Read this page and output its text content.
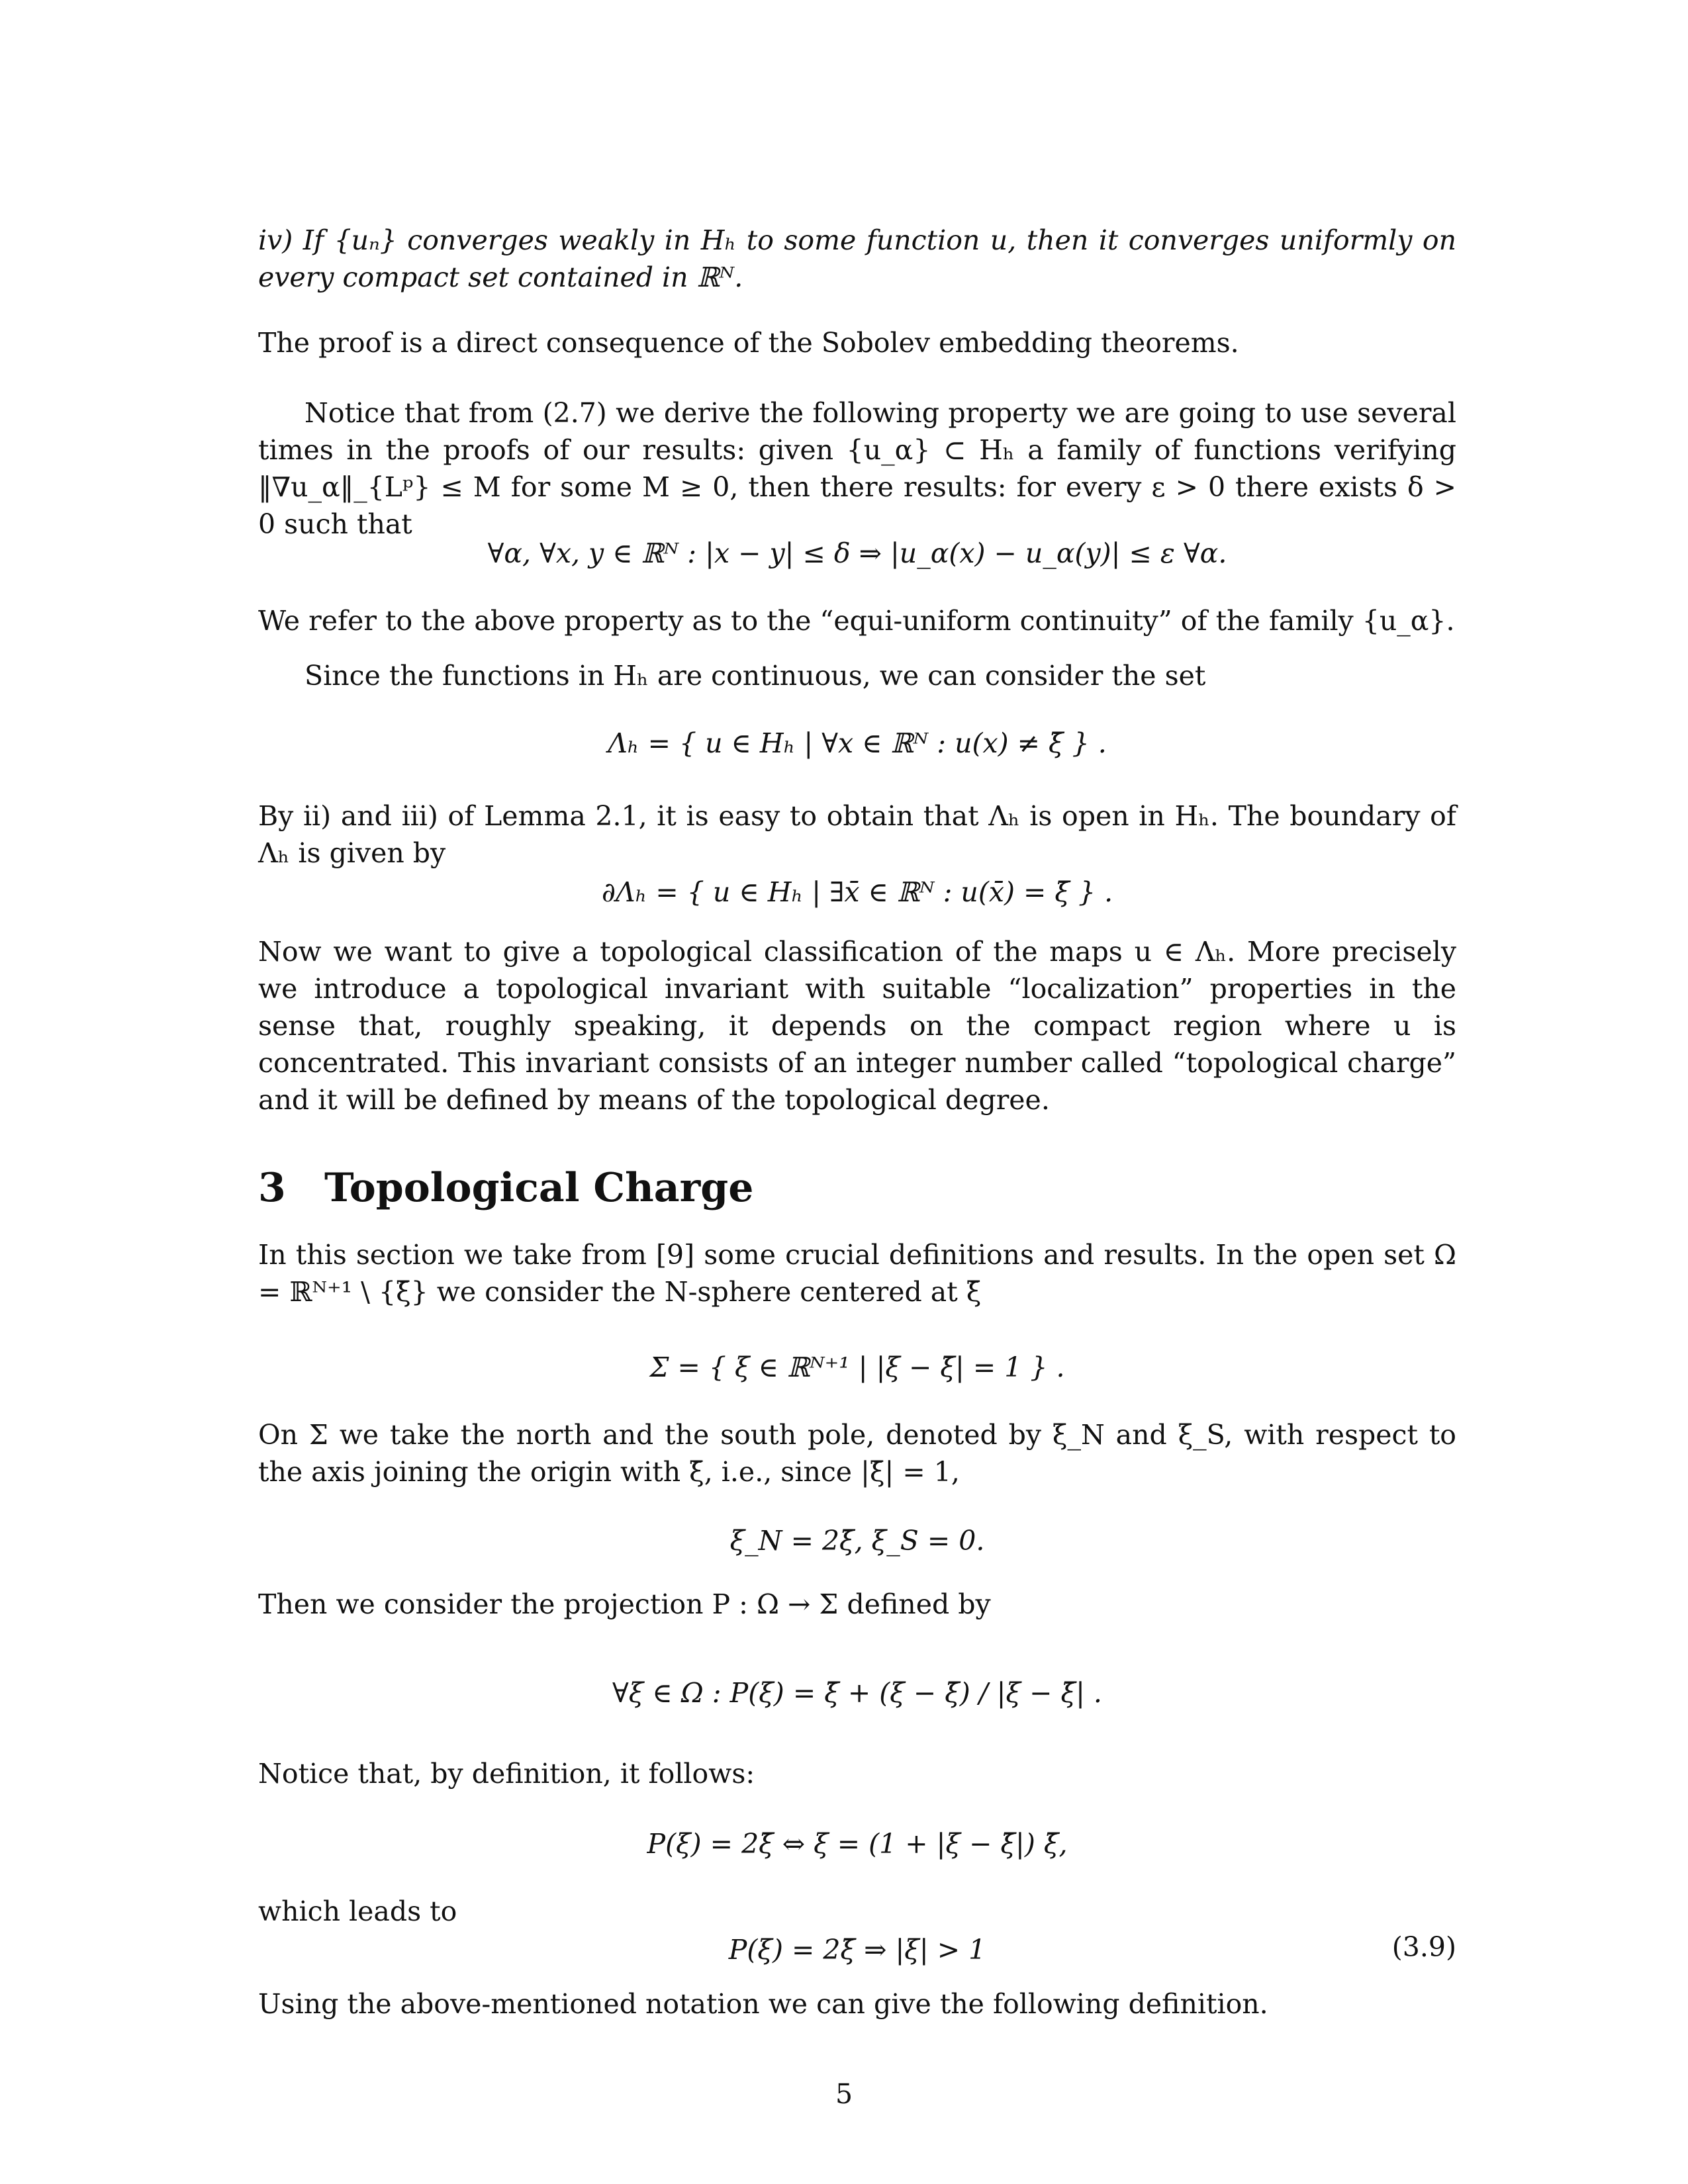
iv) If {uₙ} converges weakly in Hₕ to some function u, then it converges uniformly on every compact set contained in ℝᴺ.
The proof is a direct consequence of the Sobolev embedding theorems.
Notice that from (2.7) we derive the following property we are going to use several times in the proofs of our results: given {u_α} ⊂ Hₕ a family of functions verifying ‖∇u_α‖_{Lᵖ} ≤ M for some M ≥ 0, then there results: for every ε > 0 there exists δ > 0 such that
∀α, ∀x, y ∈ ℝᴺ : |x − y| ≤ δ ⇒ |u_α(x) − u_α(y)| ≤ ε ∀α.
We refer to the above property as to the “equi-uniform continuity” of the family {u_α}.
Since the functions in Hₕ are continuous, we can consider the set
Λₕ = { u ∈ Hₕ | ∀x ∈ ℝᴺ : u(x) ≠ ξ̄ } .
By ii) and iii) of Lemma 2.1, it is easy to obtain that Λₕ is open in Hₕ. The boundary of Λₕ is given by
∂Λₕ = { u ∈ Hₕ | ∃x̄ ∈ ℝᴺ : u(x̄) = ξ̄ } .
Now we want to give a topological classification of the maps u ∈ Λₕ. More precisely we introduce a topological invariant with suitable “localization” properties in the sense that, roughly speaking, it depends on the compact region where u is concentrated. This invariant consists of an integer number called “topological charge” and it will be defined by means of the topological degree.
3 Topological Charge
In this section we take from [9] some crucial definitions and results. In the open set Ω = ℝᴺ⁺¹ \ {ξ̄} we consider the N-sphere centered at ξ̄
Σ = { ξ ∈ ℝᴺ⁺¹ | |ξ − ξ̄| = 1 } .
On Σ we take the north and the south pole, denoted by ξ_N and ξ_S, with respect to the axis joining the origin with ξ̄, i.e., since |ξ̄| = 1,
ξ_N = 2ξ̄, ξ_S = 0.
Then we consider the projection P : Ω → Σ defined by
∀ξ ∈ Ω : P(ξ) = ξ̄ + (ξ − ξ̄) / |ξ − ξ̄| .
Notice that, by definition, it follows:
P(ξ) = 2ξ̄ ⇔ ξ = (1 + |ξ − ξ̄|) ξ̄,
which leads to
P(ξ) = 2ξ̄ ⇒ |ξ| > 1	(3.9)
Using the above-mentioned notation we can give the following definition.
5
